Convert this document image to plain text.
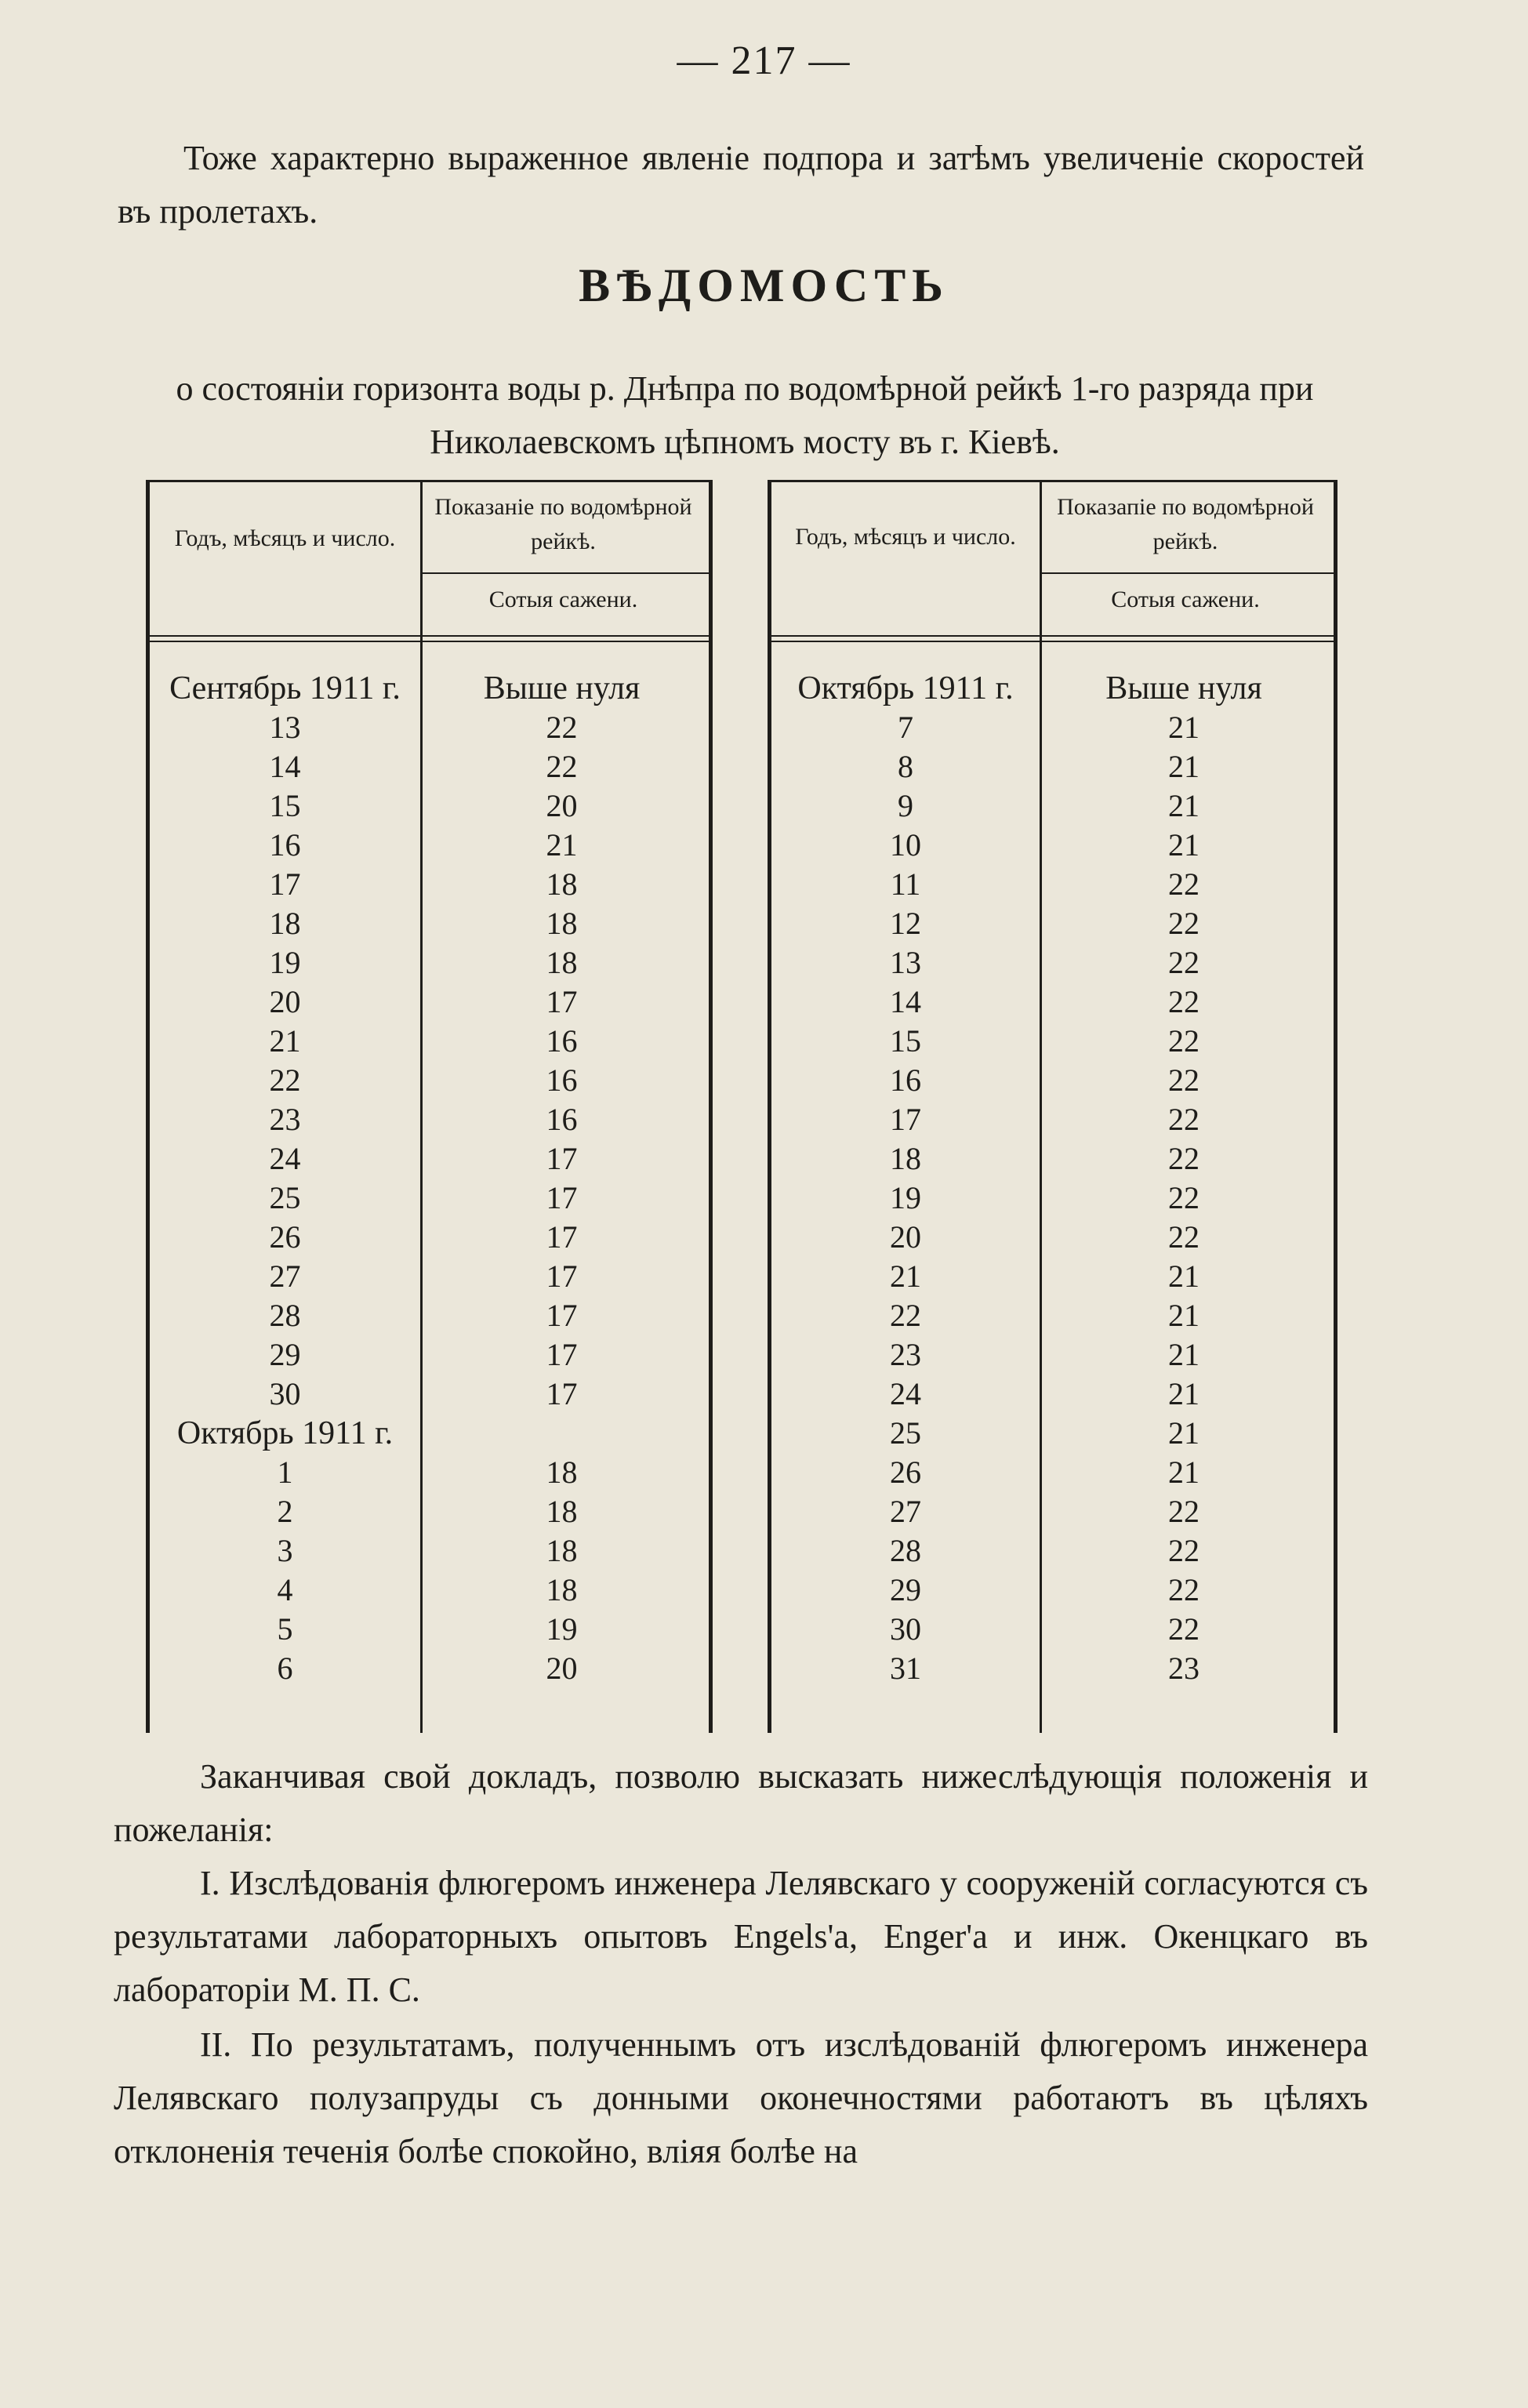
— 217 —
Тоже характерно выраженное явленіе подпора и затѣмъ увеличеніе скоростей въ пролетахъ.
ВѢДОМОСТЬ
о состояніи горизонта воды р. Днѣпра по водомѣрной рейкѣ 1-го разряда при Николаевскомъ цѣпномъ мосту въ г. Кіевѣ.
Годъ, мѣсяцъ и число.
Показаніе по водомѣрной рейкѣ.
Сотыя сажени.
Сентябрь 1911 г.
13
14
15
16
17
18
19
20
21
22
23
24
25
26
27
28
29
30
Октябрь 1911 г.
1
2
3
4
5
6
Выше нуля
22
22
20
21
18
18
18
17
16
16
16
17
17
17
17
17
17
17
18
18
18
18
19
20
Годъ, мѣсяцъ и число.
Показапіе по водомѣрной рейкѣ.
Сотыя сажени.
Октябрь 1911 г.
7
8
9
10
11
12
13
14
15
16
17
18
19
20
21
22
23
24
25
26
27
28
29
30
31
Выше нуля
21
21
21
21
22
22
22
22
22
22
22
22
22
22
21
21
21
21
21
21
22
22
22
22
23
Заканчивая свой докладъ, позволю высказать нижеслѣдующія положенія и пожеланія:
I. Изслѣдованія флюгеромъ инженера Лелявскаго у сооруженій согласуются съ результатами лабораторныхъ опытовъ Engels'a, Enger'a и инж. Окенцкаго въ лабораторіи М. П. С.
II. По результатамъ, полученнымъ отъ изслѣдованій флюгеромъ инженера Лелявскаго полузапруды съ донными оконечностями работаютъ въ цѣляхъ отклоненія теченія болѣе спокойно, вліяя болѣе на
